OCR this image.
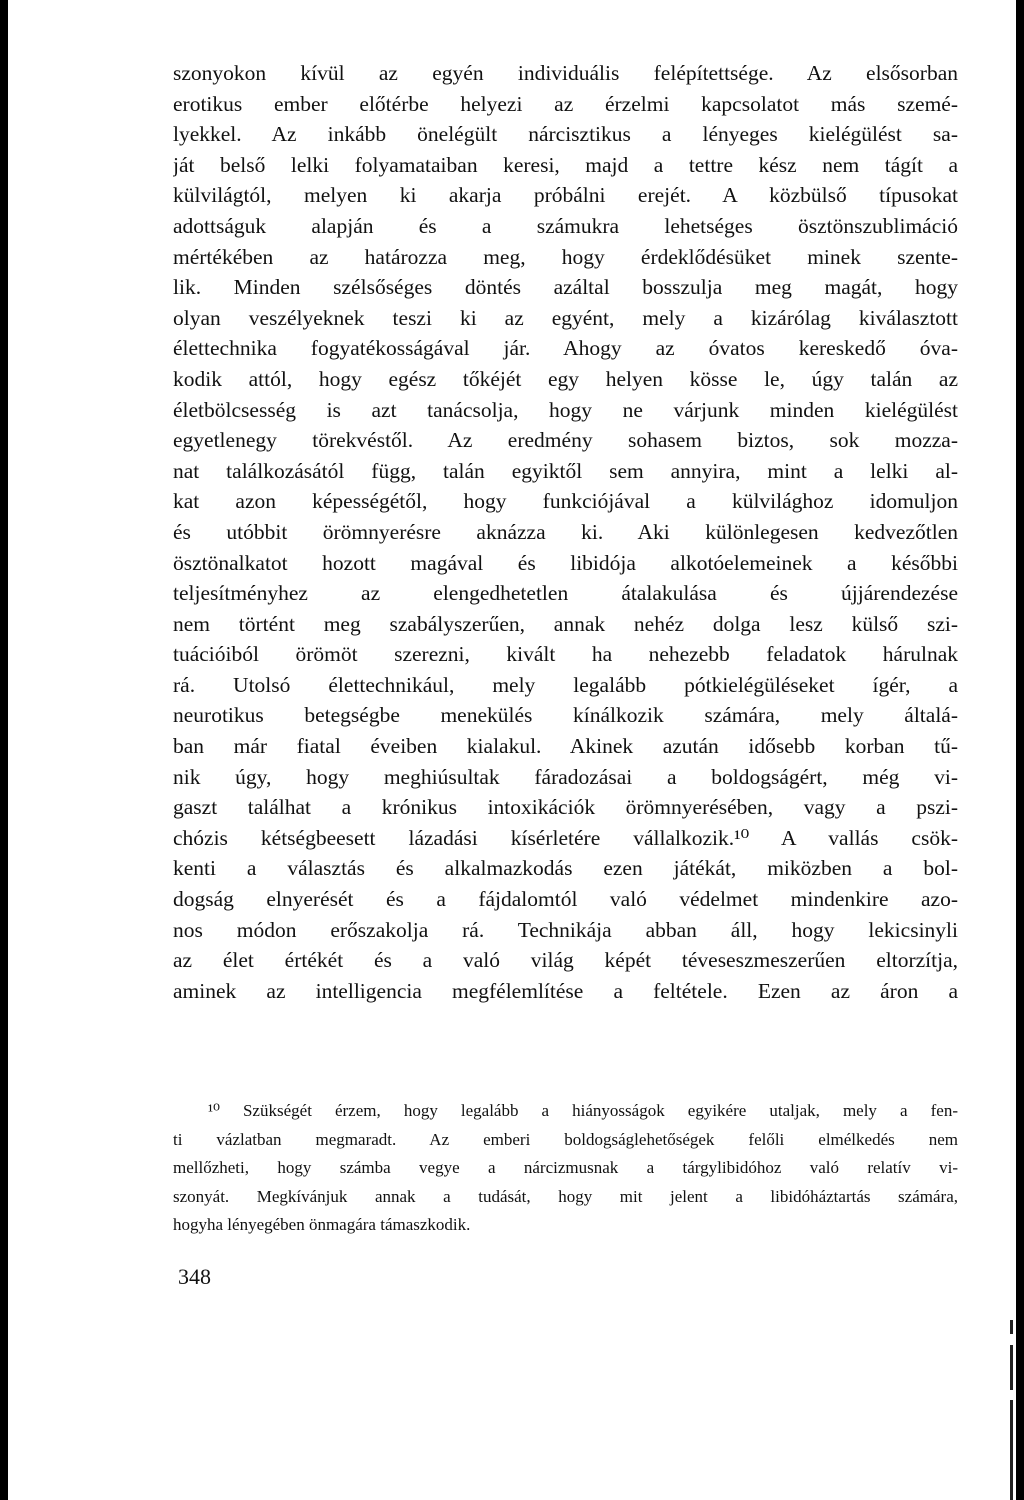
szonyokon kívül az egyén individuális felépítettsége. Az elsősorban
erotikus ember előtérbe helyezi az érzelmi kapcsolatot más szemé-
lyekkel. Az inkább önelégült nárcisztikus a lényeges kielégülést sa-
ját belső lelki folyamataiban keresi, majd a tettre kész nem tágít a
külvilágtól, melyen ki akarja próbálni erejét. A közbülső típusokat
adottságuk alapján és a számukra lehetséges ösztönszublimáció
mértékében az határozza meg, hogy érdeklődésüket minek szente-
lik. Minden szélsőséges döntés azáltal bosszulja meg magát, hogy
olyan veszélyeknek teszi ki az egyént, mely a kizárólag kiválasztott
élettechnika fogyatékosságával jár. Ahogy az óvatos kereskedő óva-
kodik attól, hogy egész tőkéjét egy helyen kösse le, úgy talán az
életbölcsesség is azt tanácsolja, hogy ne várjunk minden kielégülést
egyetlenegy törekvéstől. Az eredmény sohasem biztos, sok mozza-
nat találkozásától függ, talán egyiktől sem annyira, mint a lelki al-
kat azon képességétől, hogy funkciójával a külvilághoz idomuljon
és utóbbit örömnyerésre aknázza ki. Aki különlegesen kedvezőtlen
ösztönalkatot hozott magával és libidója alkotóelemeinek a későbbi
teljesítményhez az elengedhetetlen átalakulása és újjárendezése
nem történt meg szabályszerűen, annak nehéz dolga lesz külső szi-
tuációiból örömöt szerezni, kivált ha nehezebb feladatok hárulnak
rá. Utolsó élettechnikául, mely legalább pótkielégüléseket ígér, a
neurotikus betegségbe menekülés kínálkozik számára, mely általá-
ban már fiatal éveiben kialakul. Akinek azután idősebb korban tű-
nik úgy, hogy meghiúsultak fáradozásai a boldogságért, még vi-
gaszt találhat a krónikus intoxikációk örömnyerésében, vagy a pszi-
chózis kétségbeesett lázadási kísérletére vállalkozik.¹⁰ A vallás csök-
kenti a választás és alkalmazkodás ezen játékát, miközben a bol-
dogság elnyerését és a fájdalomtól való védelmet mindenkire azo-
nos módon erőszakolja rá. Technikája abban áll, hogy lekicsinyli
az élet értékét és a való világ képét téveseszmeszerűen eltorzítja,
aminek az intelligencia megfélemlítése a feltétele. Ezen az áron a
¹⁰ Szükségét érzem, hogy legalább a hiányosságok egyikére utaljak, mely a fen-
ti vázlatban megmaradt. Az emberi boldogságlehetőségek felőli elmélkedés nem
mellőzheti, hogy számba vegye a nárcizmusnak a tárgylibidóhoz való relatív vi-
szonyát. Megkívánjuk annak a tudását, hogy mit jelent a libidóháztartás számára,
hogyha lényegében önmagára támaszkodik.
348
